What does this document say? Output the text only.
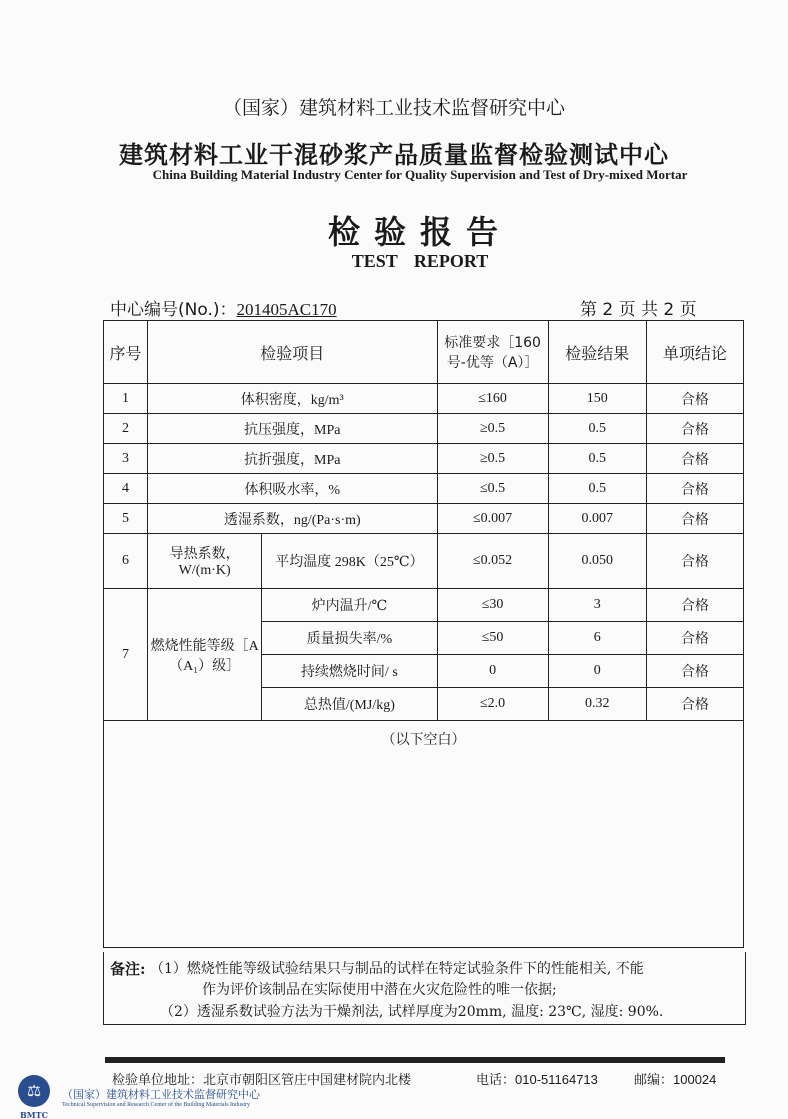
（国家）建筑材料工业技术监督研究中心
建筑材料工业干混砂浆产品质量监督检验测试中心
China Building Material Industry Center for Quality Supervision and Test of Dry-mixed Mortar
检验报告
TEST REPORT
中心编号(No.)：201405AC170	第 2 页 共 2 页
序号	检验项目		标准要求［160 号-优等（A）］	检验结果	单项结论
1	体积密度，kg/m³		≤160	150	合格
2	抗压强度，MPa		≥0.5	0.5	合格
3	抗折强度，MPa		≥0.5	0.5	合格
4	体积吸水率，%		≤0.5	0.5	合格
5	透湿系数，ng/(Pa·s·m)		≤0.007	0.007	合格
6	导热系数，W/(m·K)	平均温度 298K（25℃）	≤0.052	0.050	合格
7	燃烧性能等级［A（A₁）级］	炉内温升/℃	≤30	3	合格
		质量损失率/%	≤50	6	合格
		持续燃烧时间/ s	0	0	合格
		总热值/(MJ/kg)	≤2.0	0.32	合格
（以下空白）					
备注: （1）燃烧性能等级试验结果只与制品的试样在特定试验条件下的性能相关, 不能
作为评价该制品在实际使用中潜在火灾危险性的唯一依据;
（2）透湿系数试验方法为干燥剂法, 试样厚度为20mm, 温度: 23℃, 湿度: 90%.
检验单位地址：北京市朝阳区管庄中国建材院内北楼	电话：010-51164713	邮编：100024
⚖	（国家）建筑材料工业技术监督研究中心
Technical Supervision and Research Center of the Building Materials Industry
BMTC
